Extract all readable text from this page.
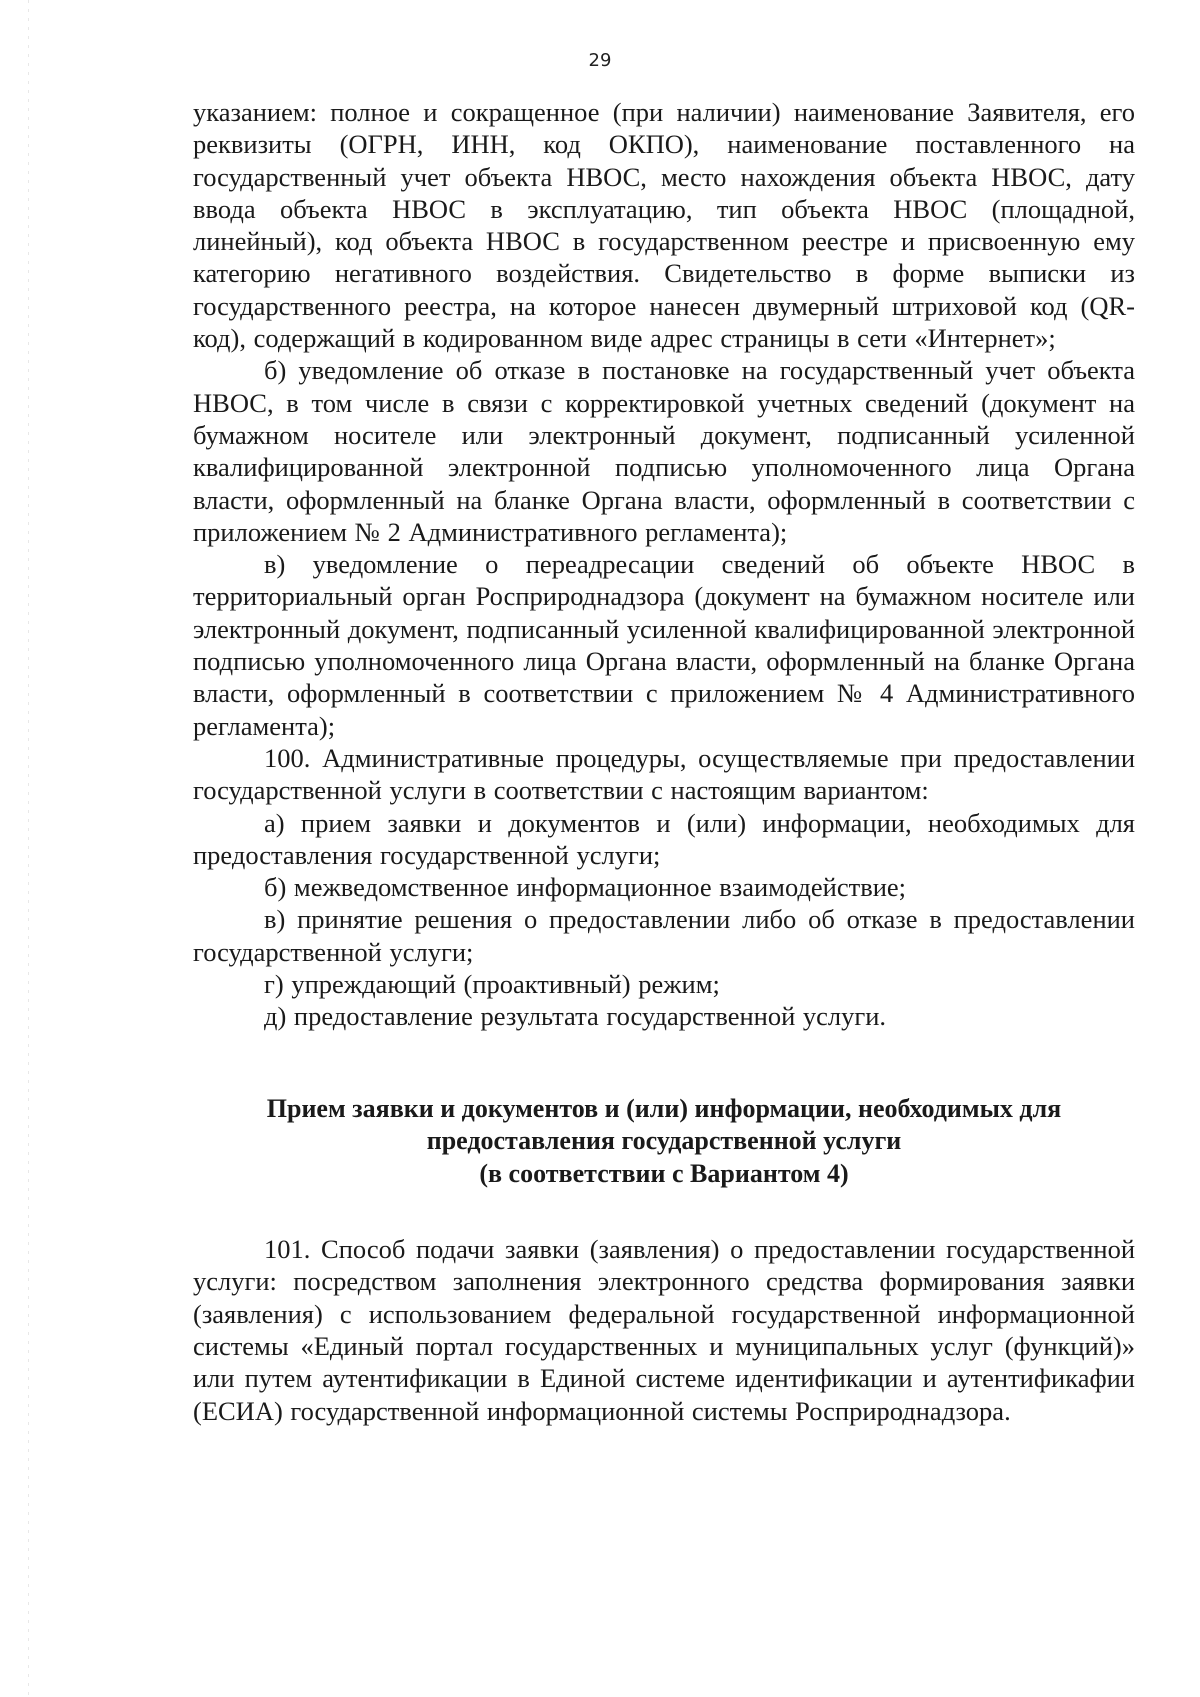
29

указанием: полное и сокращенное (при наличии) наименование Заявителя, его реквизиты (ОГРН, ИНН, код ОКПО), наименование поставленного на государственный учет объекта НВОС, место нахождения объекта НВОС, дату ввода объекта НВОС в эксплуатацию, тип объекта НВОС (площадной, линейный), код объекта НВОС в государственном реестре и присвоенную ему категорию негативного воздействия. Свидетельство в форме выписки из государственного реестра, на которое нанесен двумерный штриховой код (QR-код), содержащий в кодированном виде адрес страницы в сети «Интернет»;

б) уведомление об отказе в постановке на государственный учет объекта НВОС, в том числе в связи с корректировкой учетных сведений (документ на бумажном носителе или электронный документ, подписанный усиленной квалифицированной электронной подписью уполномоченного лица Органа власти, оформленный на бланке Органа власти, оформленный в соответствии с приложением № 2 Административного регламента);

в) уведомление о переадресации сведений об объекте НВОС в территориальный орган Росприроднадзора (документ на бумажном носителе или электронный документ, подписанный усиленной квалифицированной электронной подписью уполномоченного лица Органа власти, оформленный на бланке Органа власти, оформленный в соответствии с приложением № 4 Административного регламента);

100. Административные процедуры, осуществляемые при предоставлении государственной услуги в соответствии с настоящим вариантом:

а) прием заявки и документов и (или) информации, необходимых для предоставления государственной услуги;

б) межведомственное информационное взаимодействие;

в) принятие решения о предоставлении либо об отказе в предоставлении государственной услуги;

г) упреждающий (проактивный) режим;

д) предоставление результата государственной услуги.

Прием заявки и документов и (или) информации, необходимых для
предоставления государственной услуги
(в соответствии с Вариантом 4)

101. Способ подачи заявки (заявления) о предоставлении государственной услуги: посредством заполнения электронного средства формирования заявки (заявления) с использованием федеральной государственной информационной системы «Единый портал государственных и муниципальных услуг (функций)» или путем аутентификации в Единой системе идентификации и аутентификафии (ЕСИА) государственной информационной системы Росприроднадзора.
